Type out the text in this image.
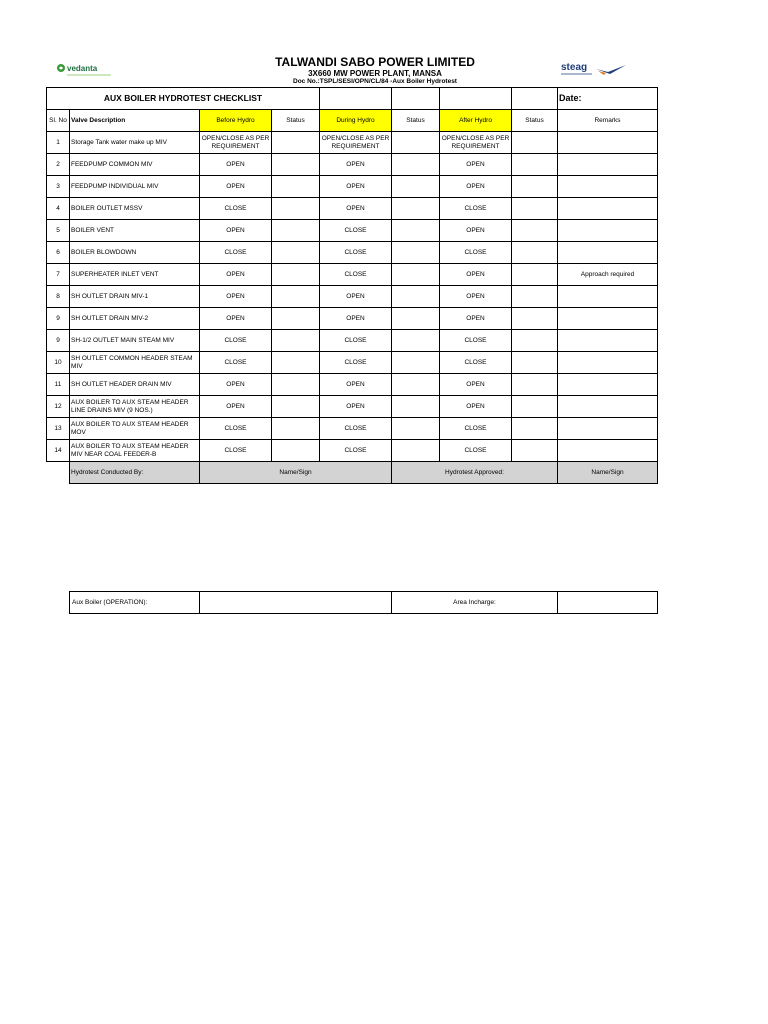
vedanta	steag
TALWANDI SABO POWER LIMITED
3X660 MW POWER PLANT, MANSA
Doc No.:TSPL/SESI/OPN/CL/84 -Aux Boiler Hydrotest
AUX BOILER HYDROTEST CHECKLIST								Date:
Sl. No	Valve Description	Before Hydro	Status	During Hydro	Status	After Hydro	Status	Remarks
1	Storage Tank water make up MIV	OPEN/CLOSE AS PER REQUIREMENT		OPEN/CLOSE AS PER REQUIREMENT		OPEN/CLOSE AS PER REQUIREMENT		
2	FEEDPUMP COMMON MIV	OPEN		OPEN		OPEN		
3	FEEDPUMP INDIVIDUAL MIV	OPEN		OPEN		OPEN		
4	BOILER OUTLET MSSV	CLOSE		OPEN		CLOSE		
5	BOILER VENT	OPEN		CLOSE		OPEN		
6	BOILER BLOWDOWN	CLOSE		CLOSE		CLOSE		
7	SUPERHEATER INLET VENT	OPEN		CLOSE		OPEN		Approach required
8	SH OUTLET DRAIN MIV-1	OPEN		OPEN		OPEN		
9	SH OUTLET DRAIN MIV-2	OPEN		OPEN		OPEN		
9	SH-1/2 OUTLET MAIN STEAM MIV	CLOSE		CLOSE		CLOSE		
10	SH OUTLET COMMON HEADER STEAM MIV	CLOSE		CLOSE		CLOSE		
11	SH OUTLET HEADER DRAIN MIV	OPEN		OPEN		OPEN		
12	AUX BOILER TO AUX STEAM HEADER LINE DRAINS MIV (9 NOS.)	OPEN		OPEN		OPEN		
13	AUX BOILER TO AUX STEAM HEADER MOV	CLOSE		CLOSE		CLOSE		
14	AUX BOILER TO AUX STEAM HEADER MIV NEAR COAL FEEDER-B	CLOSE		CLOSE		CLOSE		
	Hydrotest Conducted By:	Name/Sign			Hydrotest Approved:			Name/Sign
Aux Boiler (OPERATION):		Area Incharge:	
